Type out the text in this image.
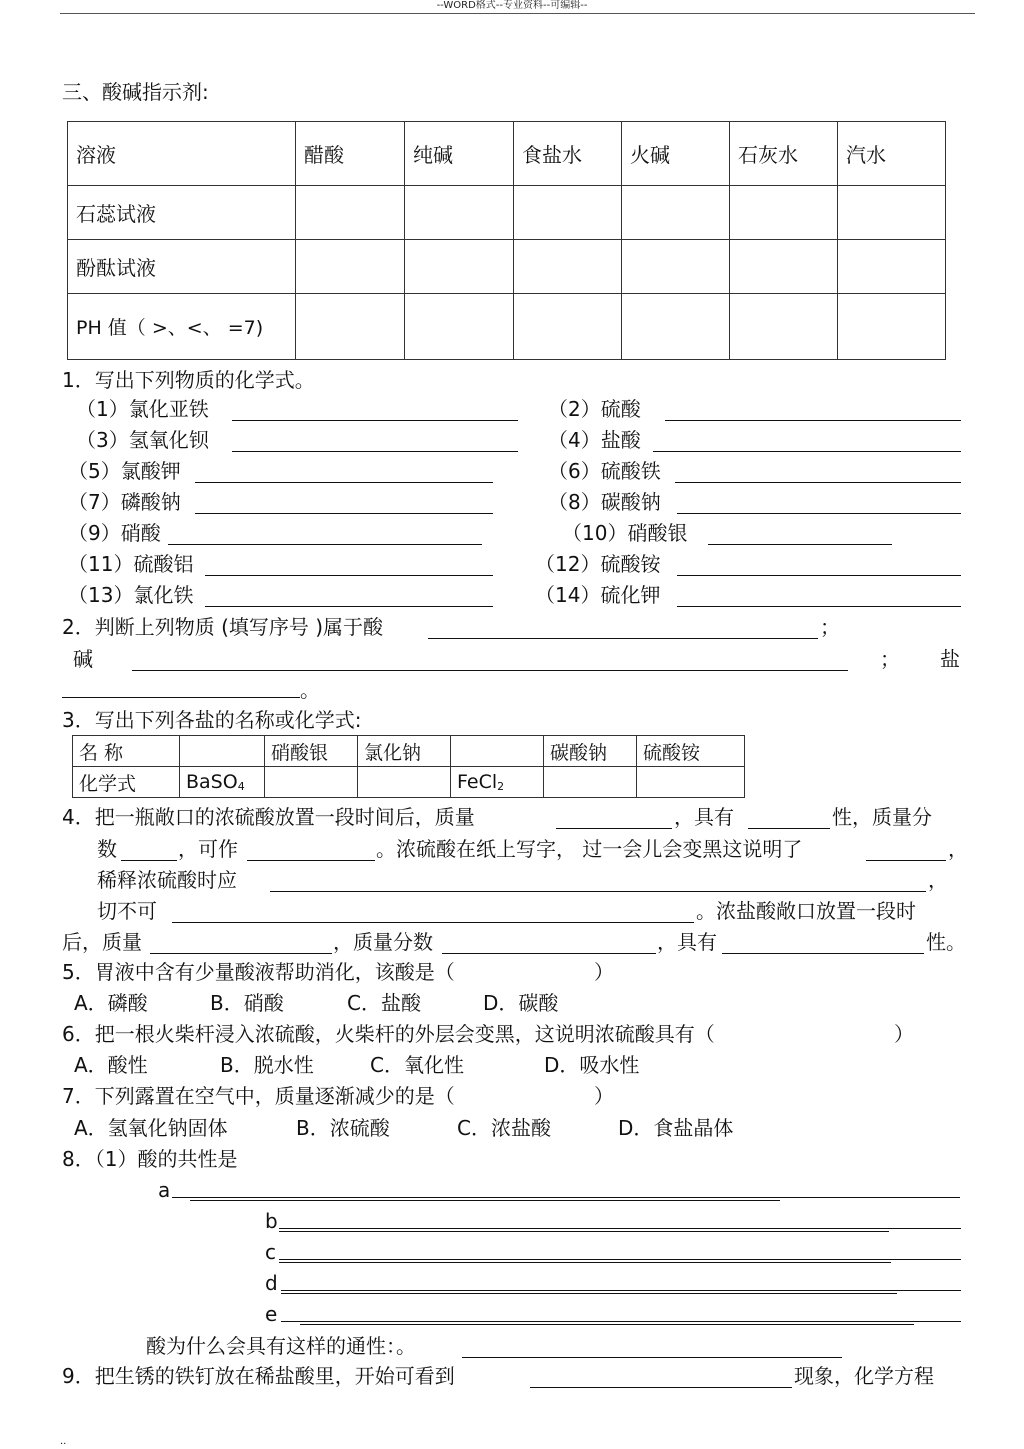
--WORD格式--专业资料--可编辑--
三、酸碱指示剂:
溶液	醋酸	纯碱	食盐水	火碱	石灰水	汽水
石蕊试液						
酚酞试液						
PH 值（ >、<、 =7)						
1．写出下列物质的化学式。
（1）氯化亚铁	（2）硫酸
（3）氢氧化钡	（4）盐酸
（5）氯酸钾	（6）硫酸铁
（7）磷酸钠	（8）碳酸钠
（9）硝酸	（10）硝酸银
（11）硫酸铝	（12）硫酸铵
（13）氯化铁	（14）硫化钾
2．判断上列物质 (填写序号 )属于酸	；
碱	； 盐
。
3．写出下列各盐的名称或化学式:
名 称		硝酸银	氯化钠		碳酸钠	硫酸铵
化学式	BaSO$_4$			FeCl$_2$		
4．把一瓶敞口的浓硫酸放置一段时间后，质量	，具有	性，质量分
数	，可作	。浓硫酸在纸上写字， 过一会儿会变黑这说明了	，
稀释浓硫酸时应	，
切不可	。浓盐酸敞口放置一段时
后，质量	，质量分数	，具有	性。
5．胃液中含有少量酸液帮助消化，该酸是（	）
A．磷酸	B．硝酸	C．盐酸	D．碳酸
6．把一根火柴杆浸入浓硫酸，火柴杆的外层会变黑，这说明浓硫酸具有（	）
A．酸性	B．脱水性	C．氧化性	D．吸水性
7．下列露置在空气中，质量逐渐减少的是（	）
A．氢氧化钠固体	B．浓硫酸	C．浓盐酸	D．食盐晶体
8．（1）酸的共性是
a
b
c
d
e
酸为什么会具有这样的通性：。
9．把生锈的铁钉放在稀盐酸里，开始可看到	现象，化学方程
..
